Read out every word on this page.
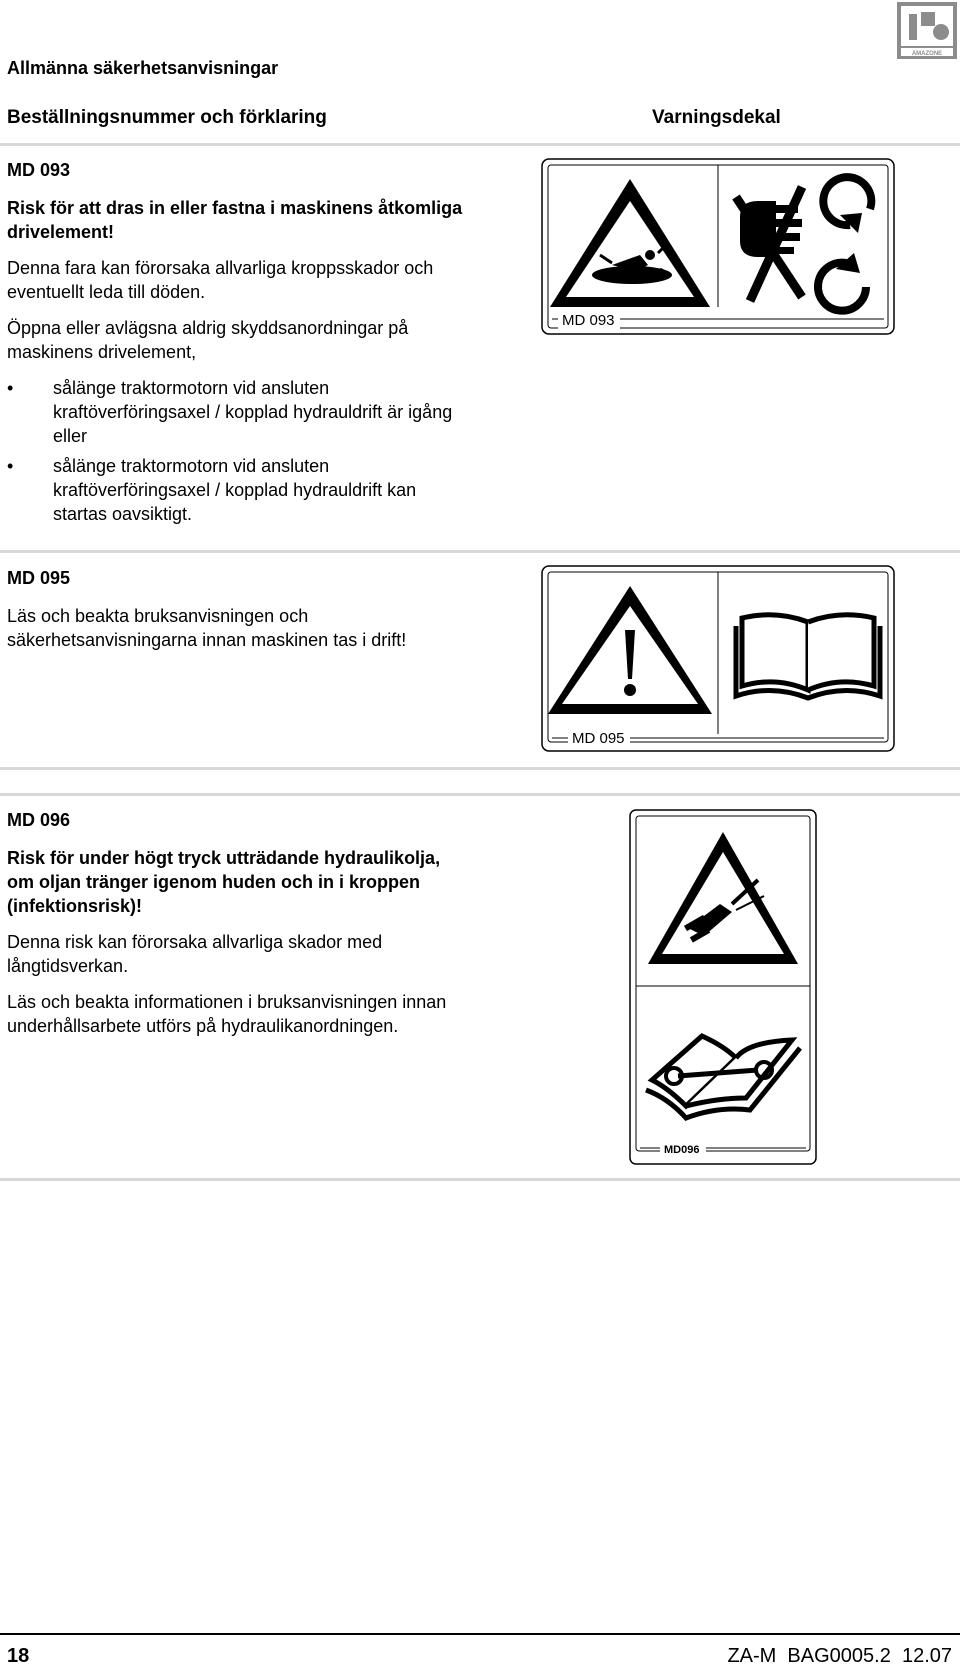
Allmänna säkerhetsanvisningar
AMAZONE
Beställningsnummer och förklaring	Varningsdekal

MD 093

Risk för att dras in eller fastna i maskinens åtkomliga drivelement!

Denna fara kan förorsaka allvarliga kroppsskador och eventuellt leda till döden.

Öppna eller avlägsna aldrig skyddsanordningar på maskinens drivelement,

• sålänge traktormotorn vid ansluten kraftöverföringsaxel / kopplad hydrauldrift är igång eller
• sålänge traktormotorn vid ansluten kraftöverföringsaxel / kopplad hydrauldrift kan startas oavsiktigt.
MD 093

MD 095

Läs och beakta bruksanvisningen och säkerhetsanvisningarna innan maskinen tas i drift!

MD 095

MD 096

Risk för under högt tryck utträdande hydraulikolja, om oljan tränger igenom huden och in i kroppen (infektionsrisk)!

Denna risk kan förorsaka allvarliga skador med långtidsverkan.

Läs och beakta informationen i bruksanvisningen innan underhållsarbete utförs på hydraulikanordningen.

MD096
18	ZA-M  BAG0005.2  12.07
